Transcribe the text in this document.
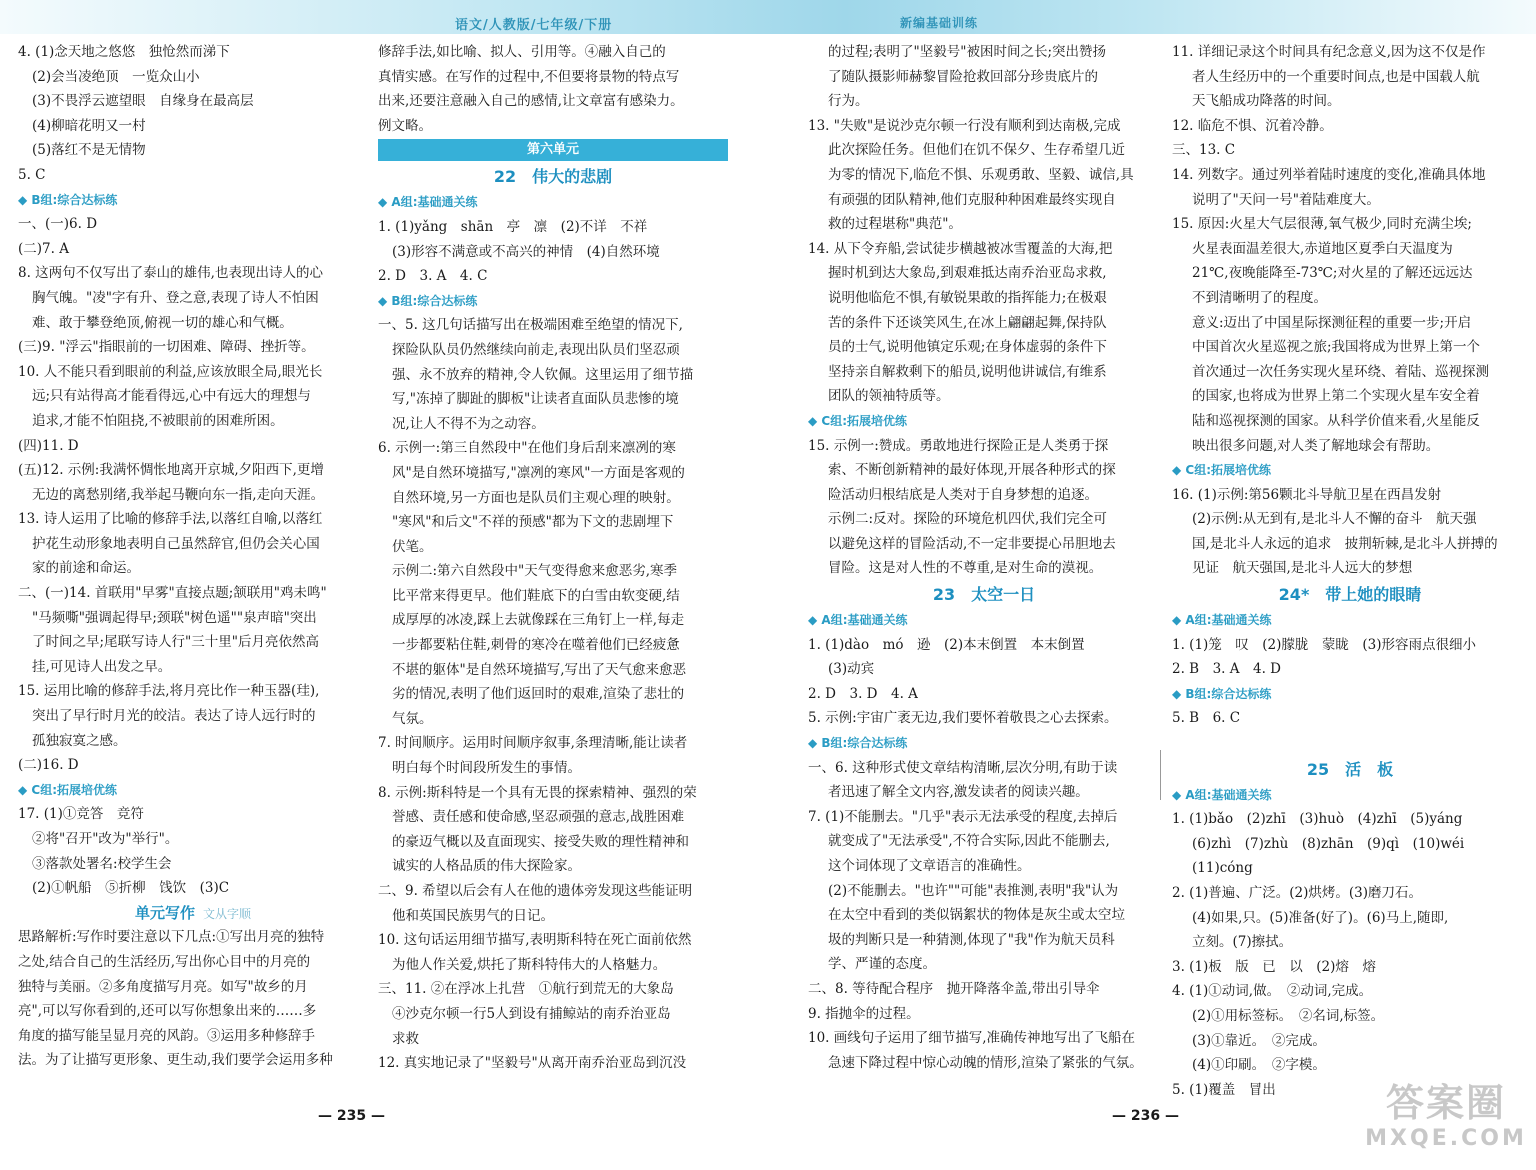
语文/人教版/七年级/下册	新编基础训练
4. (1)念天地之悠悠　独怆然而涕下
(2)会当凌绝顶　一览众山小
(3)不畏浮云遮望眼　自缘身在最高层
(4)柳暗花明又一村
(5)落红不是无情物
5. C
◆ B组:综合达标练
一、(一)6. D
(二)7. A
8. 这两句不仅写出了泰山的雄伟,也表现出诗人的心
胸气魄。"凌"字有升、登之意,表现了诗人不怕困
难、敢于攀登绝顶,俯视一切的雄心和气概。
(三)9. "浮云"指眼前的一切困难、障碍、挫折等。
10. 人不能只看到眼前的利益,应该放眼全局,眼光长
远;只有站得高才能看得远,心中有远大的理想与
追求,才能不怕阻挠,不被眼前的困难所困。
(四)11. D
(五)12. 示例:我满怀惆怅地离开京城,夕阳西下,更增
无边的离愁别绪,我举起马鞭向东一指,走向天涯。
13. 诗人运用了比喻的修辞手法,以落红自喻,以落红
护花生动形象地表明自己虽然辞官,但仍会关心国
家的前途和命运。
二、(一)14. 首联用"早雾"直接点题;颔联用"鸡未鸣"
"马频嘶"强调起得早;颈联"树色遥""泉声暗"突出
了时间之早;尾联写诗人行"三十里"后月亮依然高
挂,可见诗人出发之早。
15. 运用比喻的修辞手法,将月亮比作一种玉器(珪),
突出了早行时月光的皎洁。表达了诗人远行时的
孤独寂寞之感。
(二)16. D
◆ C组:拓展培优练
17. (1)①竞答　竞符
②将"召开"改为"举行"。
③落款处署名:校学生会
(2)①帆船　⑤折柳　饯饮　(3)C
单元写作 文从字顺
思路解析:写作时要注意以下几点:①写出月亮的独特
之处,结合自己的生活经历,写出你心目中的月亮的
独特与美丽。②多角度描写月亮。如写"故乡的月
亮",可以写你看到的,还可以写你想象出来的……多
角度的描写能呈显月亮的风韵。③运用多种修辞手
法。为了让描写更形象、更生动,我们要学会运用多种
修辞手法,如比喻、拟人、引用等。④融入自己的
真情实感。在写作的过程中,不但要将景物的特点写
出来,还要注意融入自己的感情,让文章富有感染力。
例文略。
第六单元
22　伟大的悲剧
◆ A组:基础通关练
1. (1)yǎng　shān　亭　凛　(2)不详　不祥
(3)形容不满意或不高兴的神情　(4)自然环境
2. D　3. A　4. C
◆ B组:综合达标练
一、5. 这几句话描写出在极端困难至绝望的情况下,
探险队队员仍然继续向前走,表现出队员们坚忍顽
强、永不放弃的精神,令人钦佩。这里运用了细节描
写,"冻掉了脚趾的脚板"让读者直面队员悲惨的境
况,让人不得不为之动容。
6. 示例一:第三自然段中"在他们身后刮来凛冽的寒
风"是自然环境描写,"凛冽的寒风"一方面是客观的
自然环境,另一方面也是队员们主观心理的映射。
"寒风"和后文"不祥的预感"都为下文的悲剧埋下
伏笔。
示例二:第六自然段中"天气变得愈来愈恶劣,寒季
比平常来得更早。他们鞋底下的白雪由软变硬,结
成厚厚的冰凌,踩上去就像踩在三角钉上一样,每走
一步都要粘住鞋,刺骨的寒冷在噬着他们已经疲惫
不堪的躯体"是自然环境描写,写出了天气愈来愈恶
劣的情况,表明了他们返回时的艰难,渲染了悲壮的
气氛。
7. 时间顺序。运用时间顺序叙事,条理清晰,能让读者
明白每个时间段所发生的事情。
8. 示例:斯科特是一个具有无畏的探索精神、强烈的荣
誉感、责任感和使命感,坚忍顽强的意志,战胜困难
的豪迈气概以及直面现实、接受失败的理性精神和
诚实的人格品质的伟大探险家。
二、9. 希望以后会有人在他的遗体旁发现这些能证明
他和英国民族男气的日记。
10. 这句话运用细节描写,表明斯科特在死亡面前依然
为他人作关爱,烘托了斯科特伟大的人格魅力。
三、11. ②在浮冰上扎营　①航行到荒无的大象岛
④沙克尔顿一行5人到设有捕鲸站的南乔治亚岛
求救
12. 真实地记录了"坚毅号"从离开南乔治亚岛到沉没
的过程;表明了"坚毅号"被困时间之长;突出赞扬
了随队摄影师赫黎冒险抢救回部分珍贵底片的
行为。
13. "失败"是说沙克尔顿一行没有顺利到达南极,完成
此次探险任务。但他们在饥不保夕、生存希望几近
为零的情况下,临危不惧、乐观勇敢、坚毅、诚信,具
有顽强的团队精神,他们克服种种困难最终实现自
救的过程堪称"典范"。
14. 从下令弃船,尝试徒步横越被冰雪覆盖的大海,把
握时机到达大象岛,到艰难抵达南乔治亚岛求救,
说明他临危不惧,有敏锐果敢的指挥能力;在极艰
苦的条件下还谈笑风生,在冰上翩翩起舞,保持队
员的士气,说明他镇定乐观;在身体虚弱的条件下
坚持亲自解救剩下的船员,说明他讲诚信,有维系
团队的领袖特质等。
◆ C组:拓展培优练
15. 示例一:赞成。勇敢地进行探险正是人类勇于探
索、不断创新精神的最好体现,开展各种形式的探
险活动归根结底是人类对于自身梦想的追逐。
示例二:反对。探险的环境危机四伏,我们完全可
以避免这样的冒险活动,不一定非要提心吊胆地去
冒险。这是对人性的不尊重,是对生命的漠视。
23　太空一日
◆ A组:基础通关练
1. (1)dào　mó　逊　(2)本末倒置　本末倒置
(3)动宾
2. D　3. D　4. A
5. 示例:宇宙广袤无边,我们要怀着敬畏之心去探索。
◆ B组:综合达标练
一、6. 这种形式使文章结构清晰,层次分明,有助于读
者迅速了解全文内容,激发读者的阅读兴趣。
7. (1)不能删去。"几乎"表示无法承受的程度,去掉后
就变成了"无法承受",不符合实际,因此不能删去,
这个词体现了文章语言的准确性。
(2)不能删去。"也许""可能"表推测,表明"我"认为
在太空中看到的类似锅絮状的物体是灰尘或太空垃
圾的判断只是一种猜测,体现了"我"作为航天员科
学、严谨的态度。
二、8. 等待配合程序　抛开降落伞盖,带出引导伞
9. 指抛伞的过程。
10. 画线句子运用了细节描写,准确传神地写出了飞船在
急速下降过程中惊心动魄的情形,渲染了紧张的气氛。
11. 详细记录这个时间具有纪念意义,因为这不仅是作
者人生经历中的一个重要时间点,也是中国载人航
天飞船成功降落的时间。
12. 临危不惧、沉着冷静。
三、13. C
14. 列数字。通过列举着陆时速度的变化,准确具体地
说明了"天问一号"着陆难度大。
15. 原因:火星大气层很薄,氧气极少,同时充满尘埃;
火星表面温差很大,赤道地区夏季白天温度为
21℃,夜晚能降至-73℃;对火星的了解还远远达
不到清晰明了的程度。
意义:迈出了中国星际探测征程的重要一步;开启
中国首次火星巡视之旅;我国将成为世界上第一个
首次通过一次任务实现火星环绕、着陆、巡视探测
的国家,也将成为世界上第二个实现火星车安全着
陆和巡视探测的国家。从科学价值来看,火星能反
映出很多问题,对人类了解地球会有帮助。
◆ C组:拓展培优练
16. (1)示例:第56颗北斗导航卫星在西昌发射
(2)示例:从无到有,是北斗人不懈的奋斗　航天强
国,是北斗人永远的追求　披荆斩棘,是北斗人拼搏的
见证　航天强国,是北斗人远大的梦想
24*　带上她的眼睛
◆ A组:基础通关练
1. (1)笼　叹　(2)朦胧　蒙眬　(3)形容雨点很细小
2. B　3. A　4. D
◆ B组:综合达标练
5. B　6. C
25　活　板
◆ A组:基础通关练
1. (1)bǎo　(2)zhī　(3)huò　(4)zhī　(5)yáng
(6)zhì　(7)zhù　(8)zhān　(9)qì　(10)wéi
(11)cóng
2. (1)普遍、广泛。(2)烘烤。(3)磨刀石。
(4)如果,只。(5)准备(好了)。(6)马上,随即,
立刻。(7)擦拭。
3. (1)板　版　已　以　(2)熔　熔
4. (1)①动词,做。　②动词,完成。
(2)①用标签标。　②名词,标签。
(3)①靠近。　②完成。
(4)①印刷。　②字模。
5. (1)覆盖　冒出
— 235 —	— 236 —	答案圈
MXQE.COM
